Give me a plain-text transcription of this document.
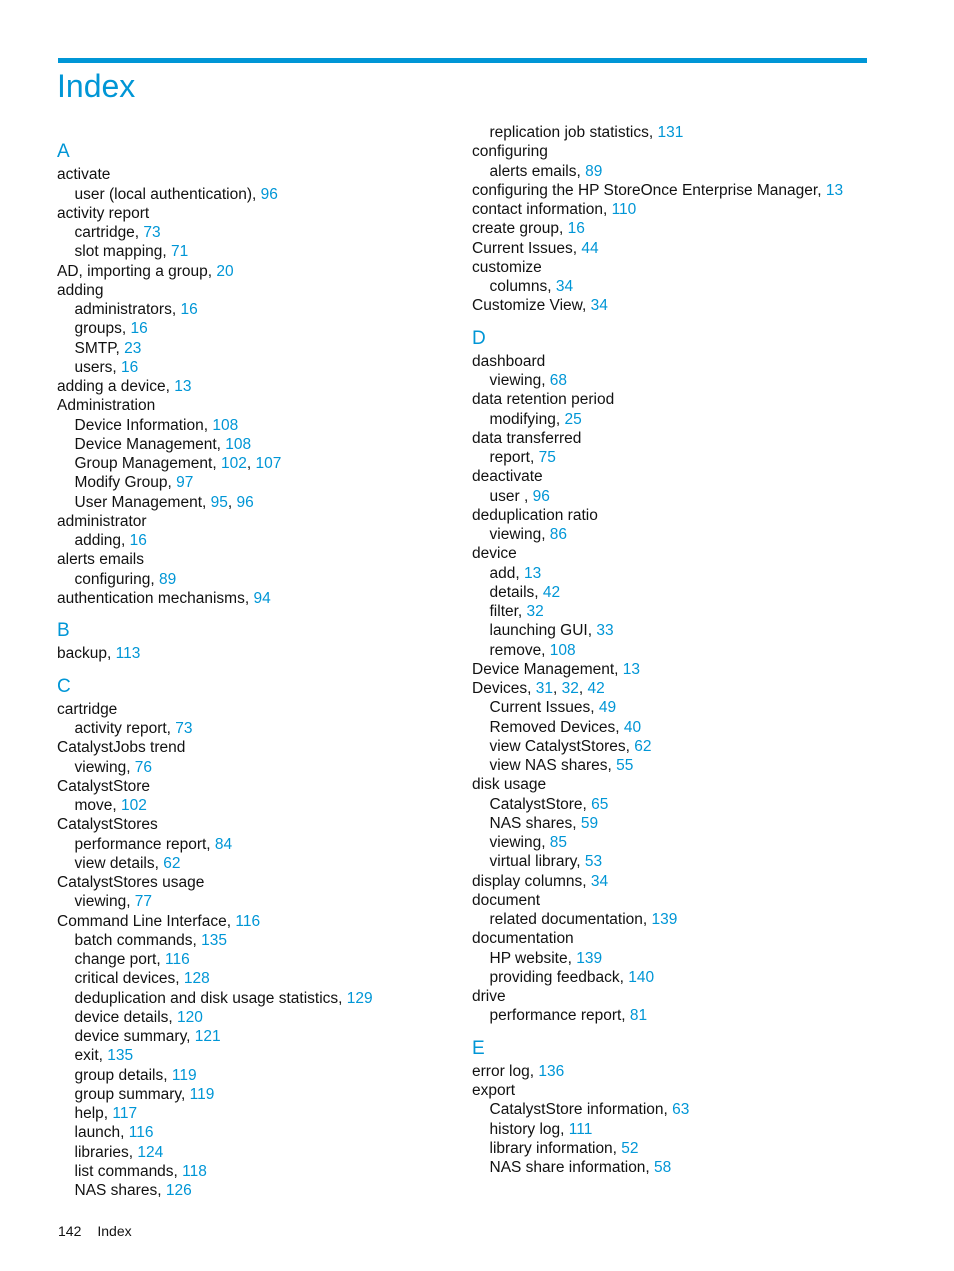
Index
A
activate
user (local authentication), 96
activity report
cartridge, 73
slot mapping, 71
AD, importing a group, 20
adding
administrators, 16
groups, 16
SMTP, 23
users, 16
adding a device, 13
Administration
Device Information, 108
Device Management, 108
Group Management, 102, 107
Modify Group, 97
User Management, 95, 96
administrator
adding, 16
alerts emails
configuring, 89
authentication mechanisms, 94
B
backup, 113
C
cartridge
activity report, 73
CatalystJobs trend
viewing, 76
CatalystStore
move, 102
CatalystStores
performance report, 84
view details, 62
CatalystStores usage
viewing, 77
Command Line Interface, 116
batch commands, 135
change port, 116
critical devices, 128
deduplication and disk usage statistics, 129
device details, 120
device summary, 121
exit, 135
group details, 119
group summary, 119
help, 117
launch, 116
libraries, 124
list commands, 118
NAS shares, 126
replication job statistics, 131
configuring
alerts emails, 89
configuring the HP StoreOnce Enterprise Manager, 13
contact information, 110
create group, 16
Current Issues, 44
customize
columns, 34
Customize View, 34
D
dashboard
viewing, 68
data retention period
modifying, 25
data transferred
report, 75
deactivate
user , 96
deduplication ratio
viewing, 86
device
add, 13
details, 42
filter, 32
launching GUI, 33
remove, 108
Device Management, 13
Devices, 31, 32, 42
Current Issues, 49
Removed Devices, 40
view CatalystStores, 62
view NAS shares, 55
disk usage
CatalystStore, 65
NAS shares, 59
viewing, 85
virtual library, 53
display columns, 34
document
related documentation, 139
documentation
HP website, 139
providing feedback, 140
drive
performance report, 81
E
error log, 136
export
CatalystStore information, 63
history log, 111
library information, 52
NAS share information, 58
142 Index
